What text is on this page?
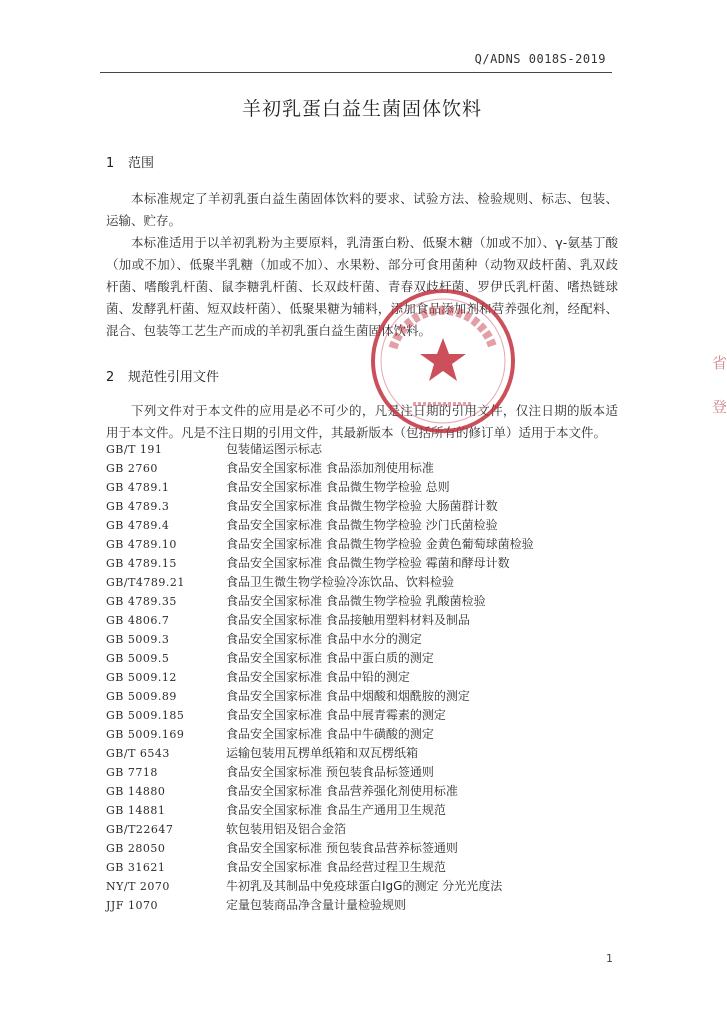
Q/ADNS 0018S-2019
羊初乳蛋白益生菌固体饮料
1 范围
本标准规定了羊初乳蛋白益生菌固体饮料的要求、试验方法、检验规则、标志、包装、运输、贮存。
本标准适用于以羊初乳粉为主要原料，乳清蛋白粉、低聚木糖（加或不加）、γ-氨基丁酸（加或不加）、低聚半乳糖（加或不加）、水果粉、部分可食用菌种（动物双歧杆菌、乳双歧杆菌、嗜酸乳杆菌、鼠李糖乳杆菌、长双歧杆菌、青春双歧杆菌、罗伊氏乳杆菌、嗜热链球菌、发酵乳杆菌、短双歧杆菌）、低聚果糖为辅料，添加食品添加剂和营养强化剂，经配料、混合、包装等工艺生产而成的羊初乳蛋白益生菌固体饮料。
2 规范性引用文件
下列文件对于本文件的应用是必不可少的，凡是注日期的引用文件，仅注日期的版本适用于本文件。凡是不注日期的引用文件，其最新版本（包括所有的修订单）适用于本文件。
GB/T 191	包装储运图示标志
GB 2760	食品安全国家标准 食品添加剂使用标准
GB 4789.1	食品安全国家标准 食品微生物学检验 总则
GB 4789.3	食品安全国家标准 食品微生物学检验 大肠菌群计数
GB 4789.4	食品安全国家标准 食品微生物学检验 沙门氏菌检验
GB 4789.10	食品安全国家标准 食品微生物学检验 金黄色葡萄球菌检验
GB 4789.15	食品安全国家标准 食品微生物学检验 霉菌和酵母计数
GB/T4789.21	食品卫生微生物学检验冷冻饮品、饮料检验
GB 4789.35	食品安全国家标准 食品微生物学检验 乳酸菌检验
GB 4806.7	食品安全国家标准 食品接触用塑料材料及制品
GB 5009.3	食品安全国家标准 食品中水分的测定
GB 5009.5	食品安全国家标准 食品中蛋白质的测定
GB 5009.12	食品安全国家标准 食品中铅的测定
GB 5009.89	食品安全国家标准 食品中烟酸和烟酰胺的测定
GB 5009.185	食品安全国家标准 食品中展青霉素的测定
GB 5009.169	食品安全国家标准 食品中牛磺酸的测定
GB/T 6543	运输包装用瓦楞单纸箱和双瓦楞纸箱
GB 7718	食品安全国家标准 预包装食品标签通则
GB 14880	食品安全国家标准 食品营养强化剂使用标准
GB 14881	食品安全国家标准 食品生产通用卫生规范
GB/T22647	软包装用铝及铝合金箔
GB 28050	食品安全国家标准 预包装食品营养标签通则
GB 31621	食品安全国家标准 食品经营过程卫生规范
NY/T 2070	牛初乳及其制品中免疫球蛋白IgG的测定 分光光度法
JJF 1070	定量包装商品净含量计量检验规则
1
省
登
